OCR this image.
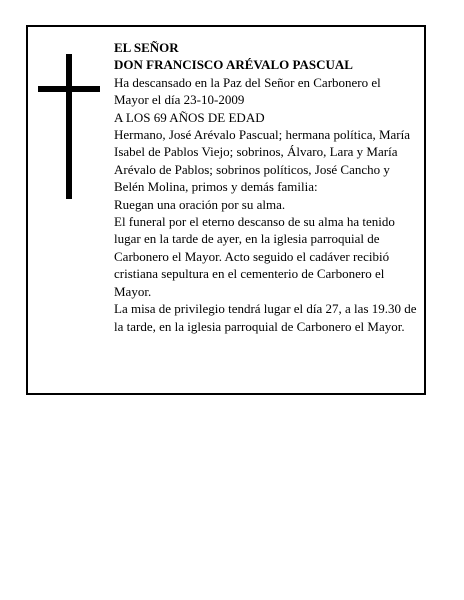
EL SEÑOR

DON FRANCISCO ARÉVALO PASCUAL

Ha descansado en la Paz del Señor en Carbonero el Mayor el día 23-10-2009

A LOS 69 AÑOS DE EDAD

Hermano, José Arévalo Pascual; hermana política, María Isabel de Pablos Viejo; sobrinos, Álvaro, Lara y María Arévalo de Pablos; sobrinos políticos, José Cancho y Belén Molina, primos y demás familia:

Ruegan una oración por su alma.

El funeral por el eterno descanso de su alma ha tenido lugar en la tarde de ayer, en la iglesia parroquial de Carbonero el Mayor. Acto seguido el cadáver recibió cristiana sepultura en el cementerio de Carbonero el Mayor.

La misa de privilegio tendrá lugar el día 27, a las 19.30 de la tarde, en la iglesia parroquial de Carbonero el Mayor.
